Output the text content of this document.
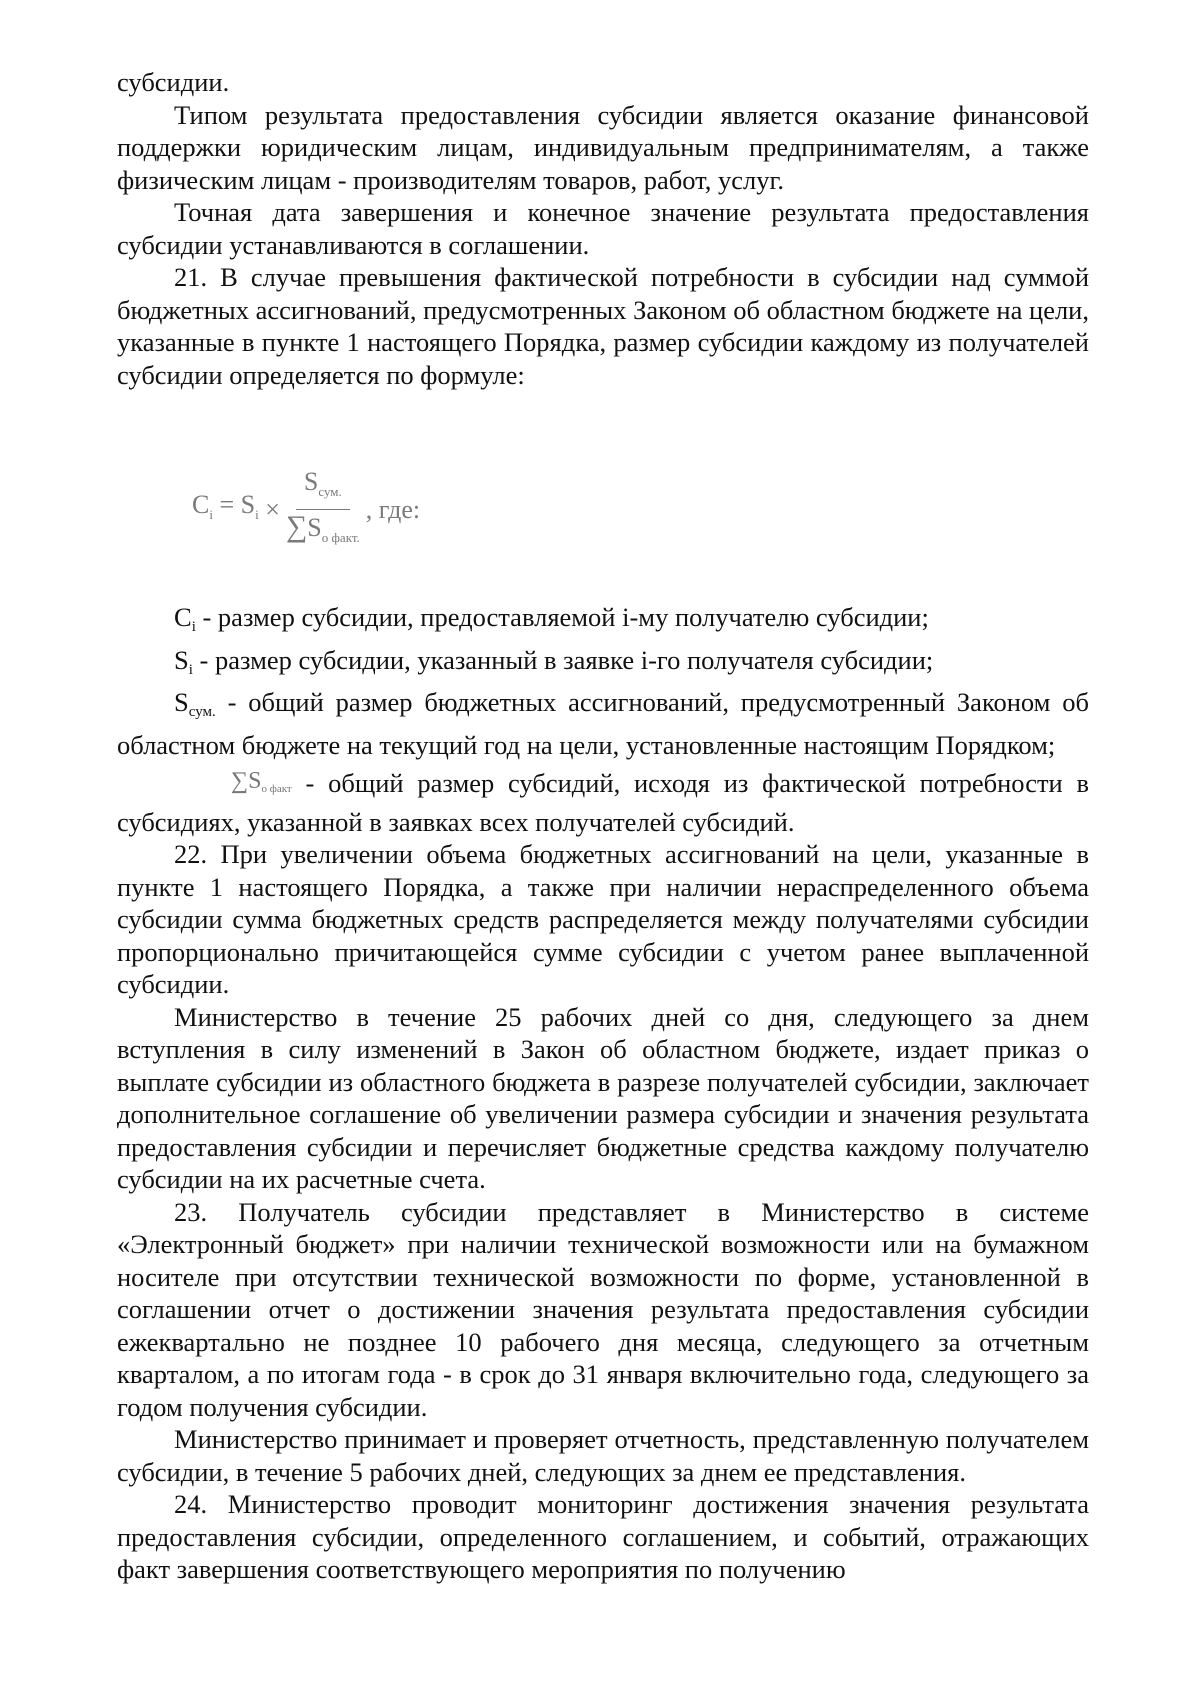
субсидии.

Типом результата предоставления субсидии является оказание финансовой поддержки юридическим лицам, индивидуальным предпринимателям, а также физическим лицам - производителям товаров, работ, услуг.

Точная дата завершения и конечное значение результата предоставления субсидии устанавливаются в соглашении.

21. В случае превышения фактической потребности в субсидии над суммой бюджетных ассигнований, предусмотренных Законом об областном бюджете на цели, указанные в пункте 1 настоящего Порядка, размер субсидии каждому из получателей субсидии определяется по формуле:

$C_i$
= $S_i$
× $\frac{S_{сум.}}{\sum S_{о факт.}}$ , где:

Ci - размер субсидии, предоставляемой i-му получателю субсидии;

Si - размер субсидии, указанный в заявке i-го получателя субсидии;

Sсум. - общий размер бюджетных ассигнований, предусмотренный Законом об областном бюджете на текущий год на цели, установленные настоящим Порядком;

$\sum S_{о факт}$ - общий размер субсидий, исходя из фактической потребности в субсидиях, указанной в заявках всех получателей субсидий.

22. При увеличении объема бюджетных ассигнований на цели, указанные в пункте 1 настоящего Порядка, а также при наличии нераспределенного объема субсидии сумма бюджетных средств распределяется между получателями субсидии пропорционально причитающейся сумме субсидии с учетом ранее выплаченной субсидии.

Министерство в течение 25 рабочих дней со дня, следующего за днем вступления в силу изменений в Закон об областном бюджете, издает приказ о выплате субсидии из областного бюджета в разрезе получателей субсидии, заключает дополнительное соглашение об увеличении размера субсидии и значения результата предоставления субсидии и перечисляет бюджетные средства каждому получателю субсидии на их расчетные счета.

23. Получатель субсидии представляет в Министерство в системе «Электронный бюджет» при наличии технической возможности или на бумажном носителе при отсутствии технической возможности по форме, установленной в соглашении отчет о достижении значения результата предоставления субсидии ежеквартально не позднее 10 рабочего дня месяца, следующего за отчетным кварталом, а по итогам года - в срок до 31 января включительно года, следующего за годом получения субсидии.

Министерство принимает и проверяет отчетность, представленную получателем субсидии, в течение 5 рабочих дней, следующих за днем ее представления.

24. Министерство проводит мониторинг достижения значения результата предоставления субсидии, определенного соглашением, и событий, отражающих факт завершения соответствующего мероприятия по получению
